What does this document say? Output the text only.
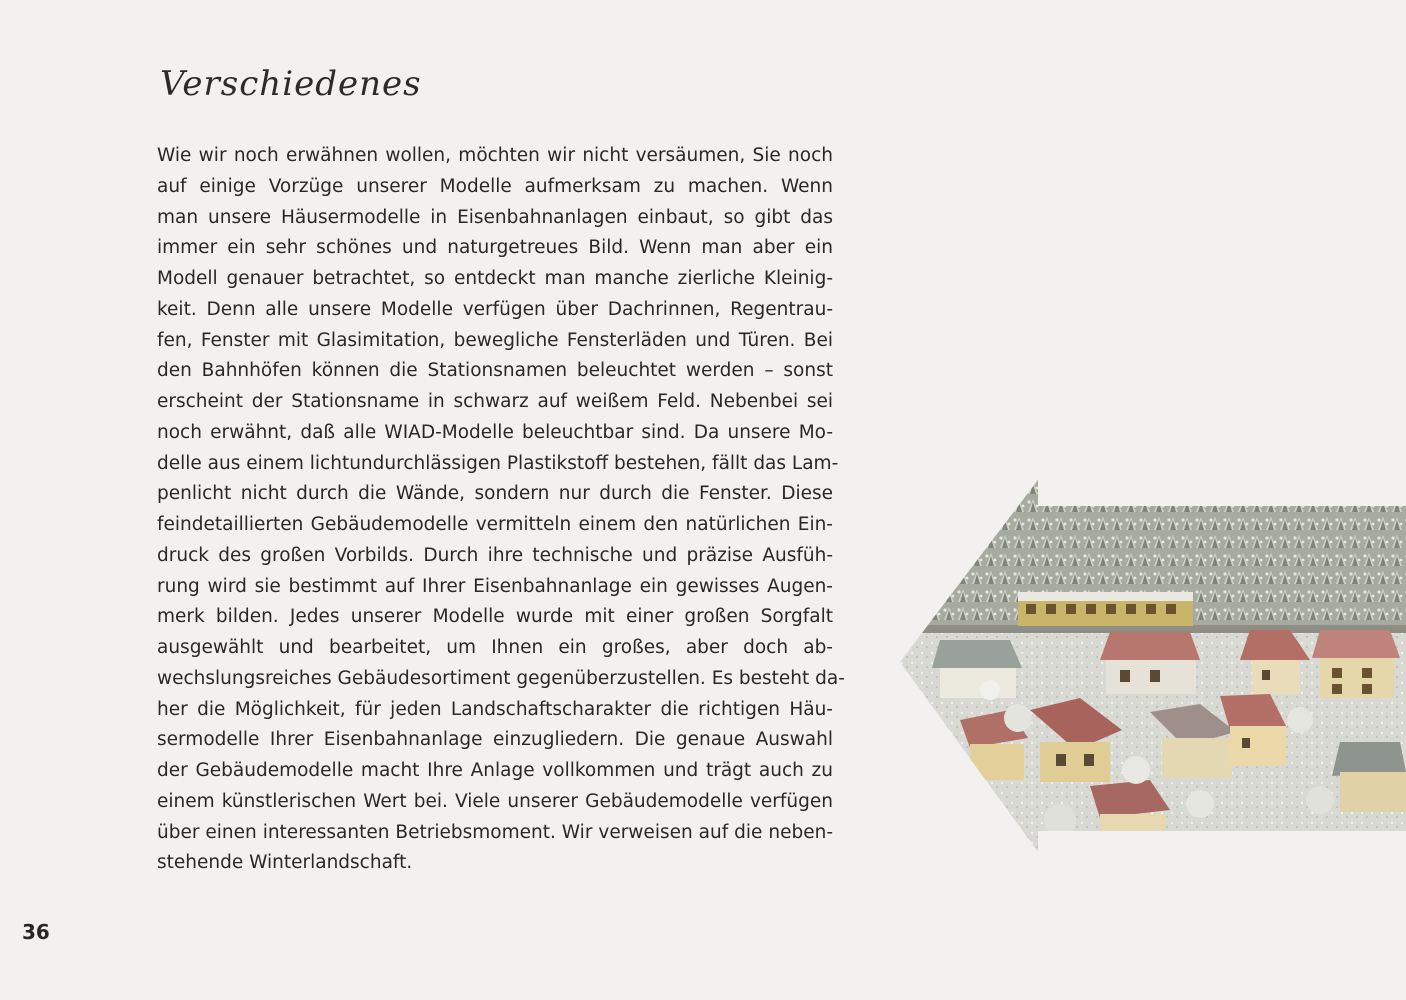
Verschiedenes
Wie wir noch erwähnen wollen, möchten wir nicht versäumen, Sie noch
auf einige Vorzüge unserer Modelle aufmerksam zu machen. Wenn
man unsere Häusermodelle in Eisenbahnanlagen einbaut, so gibt das
immer ein sehr schönes und naturgetreues Bild. Wenn man aber ein
Modell genauer betrachtet, so entdeckt man manche zierliche Kleinig-
keit. Denn alle unsere Modelle verfügen über Dachrinnen, Regentrau-
fen, Fenster mit Glasimitation, bewegliche Fensterläden und Türen. Bei
den Bahnhöfen können die Stationsnamen beleuchtet werden – sonst
erscheint der Stationsname in schwarz auf weißem Feld. Nebenbei sei
noch erwähnt, daß alle WIAD-Modelle beleuchtbar sind. Da unsere Mo-
delle aus einem lichtundurchlässigen Plastikstoff bestehen, fällt das Lam-
penlicht nicht durch die Wände, sondern nur durch die Fenster. Diese
feindetaillierten Gebäudemodelle vermitteln einem den natürlichen Ein-
druck des großen Vorbilds. Durch ihre technische und präzise Ausfüh-
rung wird sie bestimmt auf Ihrer Eisenbahnanlage ein gewisses Augen-
merk bilden. Jedes unserer Modelle wurde mit einer großen Sorgfalt
ausgewählt und bearbeitet, um Ihnen ein großes, aber doch ab-
wechslungsreiches Gebäudesortiment gegenüberzustellen. Es besteht da-
her die Möglichkeit, für jeden Landschaftscharakter die richtigen Häu-
sermodelle Ihrer Eisenbahnanlage einzugliedern. Die genaue Auswahl
der Gebäudemodelle macht Ihre Anlage vollkommen und trägt auch zu
einem künstlerischen Wert bei. Viele unserer Gebäudemodelle verfügen
über einen interessanten Betriebsmoment. Wir verweisen auf die neben-
stehende Winterlandschaft.
36
